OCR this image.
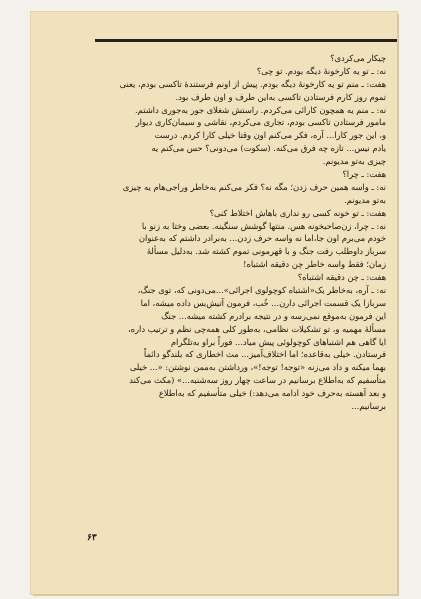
چیکار می‌کردی؟
نه: ـ تو یه کارخونهٔ دیگه بودم. تو چی؟
هفت: ـ منم تو یه کارخونهٔ دیگه بودم. پیش از اونم فرستندهٔ تاکسی بودم، یعنی
تموم روز کارم فرستادن تاکسی به‌این طرف و اون طرف بود.
نه: ـ منم یه همچون کارائی می‌کردم. راستش شغلای جور به‌جوری داشتم.
مامور فرستادن تاکسی بودم، تجاری می‌کردم، نقاشی و سیمان‌کاری دیوار
و، این جور کارا... آره، فکر می‌کنم اون وقتا خیلی کارا کردم. درست
یادم نیس... تازه چه فرق می‌کنه. (سکوت) می‌دونی؟ حس می‌کنم یه
چیزی به‌تو مدیونم.
هفت: ـ چرا؟
نه: ـ واسه همین حرف زدن؛ مگه نه؟ فکر می‌کنم به‌خاطر وراجی‌هام یه چیزی
به‌تو مدیونم.
هفت: ـ تو خونه کسی رو نداری باهاش اختلاط کنی؟
نه: ـ چرا، زن‌صاحبخونه هس. منتها گوشش سنگینه. بعضی وختا به زنو با
خودم می‌برم اون جا،اما نه واسه حرف زدن... به‌برادر داشتم که به‌عنوان
سرباز داوطلب رفت جنگ و با قهرمونی تموم کشته شد. به‌دلیل مسألهٔ
زمان؛ فقط واسه خاطر چن دقیقه اشتباه!
هفت: ـ چن دقیقه اشتباه؟
نه: ـ آره، به‌خاطر یک«اشتباه کوچولوی اجرائی»...می‌دونی که، توی جنگ،
سربازا یک قسمت اجرائی دارن... خُب، فرمون آتیش‌بس داده میشه، اما
این فرمون به‌موقع نمی‌رسه و در نتیجه برادرم کشته میشه... جنگ
مسألهٔ مهمیه و، تو تشکیلات نظامی، به‌طور کلی همه‌چی نظم و ترتیب داره،
ایا گاهی هم اشتباهای کوچولوئی پیش میاد... فوراً براو به‌تلگرام
فرستادن. خیلی به‌قاعده؛ اما اختلاف‌آمیز... مث اخطاری که بلندگو دائماً
بهما میکنه و داد می‌زنه «توجه! توجه!»، ورداشتن به‌ممن نوشتن: «... خیلی
متأسفیم که به‌اطلاع برسانیم در ساعت چهار روز سه‌شنبه...» (مکث می‌کند
و بعد آهسته به‌حرف خود ادامه می‌دهد:) خیلی متأسفیم که به‌اطلاع
برسانیم...
۶۳
